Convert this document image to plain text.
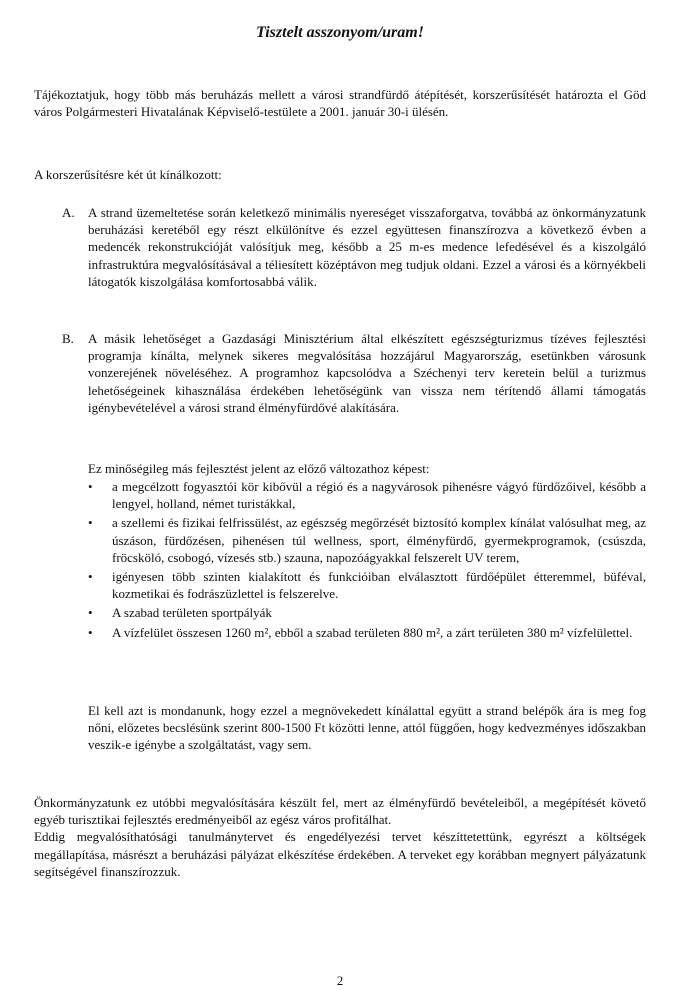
Tisztelt asszonyom/uram!
Tájékoztatjuk, hogy több más beruházás mellett a városi strandfürdő átépítését, korszerűsítését határozta el Göd város Polgármesteri Hivatalának Képviselő-testülete a 2001. január 30-i ülésén.
A korszerűsítésre két út kínálkozott:
A.	A strand üzemeltetése során keletkező minimális nyereséget visszaforgatva, továbbá az önkormányzatunk beruházási keretéből egy részt elkülönítve és ezzel együttesen finanszírozva a következő évben a medencék rekonstrukcióját valósítjuk meg, később a 25 m-es medence lefedésével és a kiszolgáló infrastruktúra megvalósításával a téliesített középtávon meg tudjuk oldani. Ezzel a városi és a környékbeli látogatók kiszolgálása komfortosabbá válik.
B.	A másik lehetőséget a Gazdasági Minisztérium által elkészített egészségturizmus tízéves fejlesztési programja kínálta, melynek sikeres megvalósítása hozzájárul Magyarország, esetünkben városunk vonzerejének növeléséhez. A programhoz kapcsolódva a Széchenyi terv keretein belül a turizmus lehetőségeinek kihasználása érdekében lehetőségünk van vissza nem térítendő állami támogatás igénybevételével a városi strand élményfürdővé alakítására.
Ez minőségileg más fejlesztést jelent az előző változathoz képest:
• a megcélzott fogyasztói kör kibővül a régió és a nagyvárosok pihenésre vágyó fürdőzőivel, később a lengyel, holland, német turistákkal,
• a szellemi és fizikai felfrissülést, az egészség megőrzését biztosító komplex kínálat valósulhat meg, az úszáson, fürdőzésen, pihenésen túl wellness, sport, élményfürdő, gyermekprogramok, (csúszda, fröcsköló, csobogó, vízesés stb.) szauna, napozóágyakkal felszerelt UV terem,
• igényesen több szinten kialakított és funkcióiban elválasztott fürdőépület étteremmel, büféval, kozmetikai és fodrászüzlettel is felszerelve.
• A szabad területen sportpályák
• A vízfelület összesen 1260 m², ebből a szabad területen 880 m², a zárt területen 380 m² vízfelülettel.
El kell azt is mondanunk, hogy ezzel a megnövekedett kínálattal együtt a strand belépők ára is meg fog nőni, előzetes becslésünk szerint 800-1500 Ft közötti lenne, attól függően, hogy kedvezményes időszakban veszik-e igénybe a szolgáltatást, vagy sem.
Önkormányzatunk ez utóbbi megvalósítására készült fel, mert az élményfürdő bevételeiből, a megépítését követő egyéb turisztikai fejlesztés eredményeiből az egész város profitálhat.
Eddig megvalósíthatósági tanulmánytervet és engedélyezési tervet készíttetettünk, egyrészt a költségek megállapítása, másrészt a beruházási pályázat elkészítése érdekében. A terveket egy korábban megnyert pályázatunk segítségével finanszírozzuk.
2
